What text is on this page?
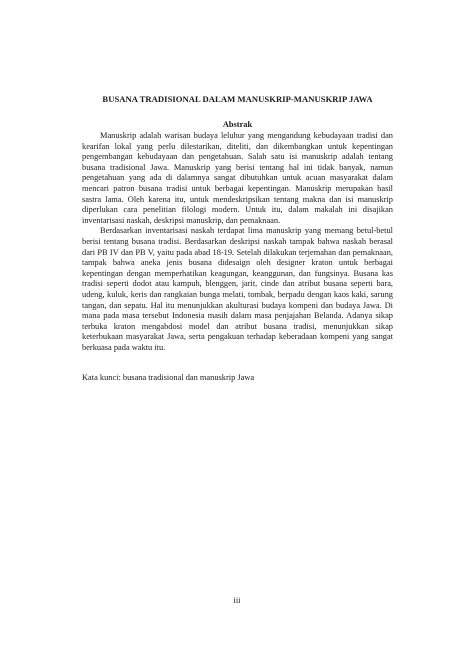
BUSANA TRADISIONAL DALAM MANUSKRIP-MANUSKRIP JAWA
Abstrak

Manuskrip adalah warisan budaya leluhur yang mengandung kebudayaan tradisi dan kearifan lokal yang perlu dilestarikan, diteliti, dan dikembangkan untuk kepentingan pengembangan kebudayaan dan pengetahuan. Salah satu isi manuskrip adalah tentang busana tradisional Jawa. Manuskrip yang berisi tentang hal ini tidak banyak, namun pengetahuan yang ada di dalamnya sangat dibutuhkan untuk acuan masyarakat dalam mencari patron busana tradisi untuk berbagai kepentingan. Manuskrip merupakan hasil sastra lama. Oleh karena itu, untuk mendeskripsikan tentang makna dan isi manuskrip diperlukan cara penelitian filologi modern. Untuk itu, dalam makalah ini disajikan inventarisasi naskah, deskripsi manuskrip, dan pemaknaan.

Berdasarkan inventarisasi naskah terdapat lima manuskrip yang memang betul-betul berisi tentang busana tradisi. Berdasarkan deskripsi naskah tampak bahwa naskah berasal dari PB IV dan PB V, yaitu pada abad 18-19. Setelah dilakukan terjemahan dan pemaknaan, tampak bahwa aneka jenis busana didesaign oleh designer kraton untuk berbagai kepentingan dengan memperhatikan keagungan, keanggunan, dan fungsinya. Busana kas tradisi seperti dodot atau kampuh, blenggen, jarit, cinde dan atribut busana seperti bara, udeng, kuluk, keris dan rangkaian bunga melati, tombak, berpadu dengan kaos kaki, sarung tangan, dan sepatu. Hal itu menunjukkan akulturasi budaya kompeni dan budaya Jawa. Di mana pada masa tersebut Indonesia masih dalam masa penjajahan Belanda. Adanya sikap terbuka kraton mengabdosi model dan atribut busana tradisi, menunjukkan sikap keterbukaan masyarakat Jawa, serta pengakuan terhadap keberadaan kompeni yang sangat berkuasa pada waktu itu.

Kata kunci: busana tradisional dan manuskrip Jawa

iii
